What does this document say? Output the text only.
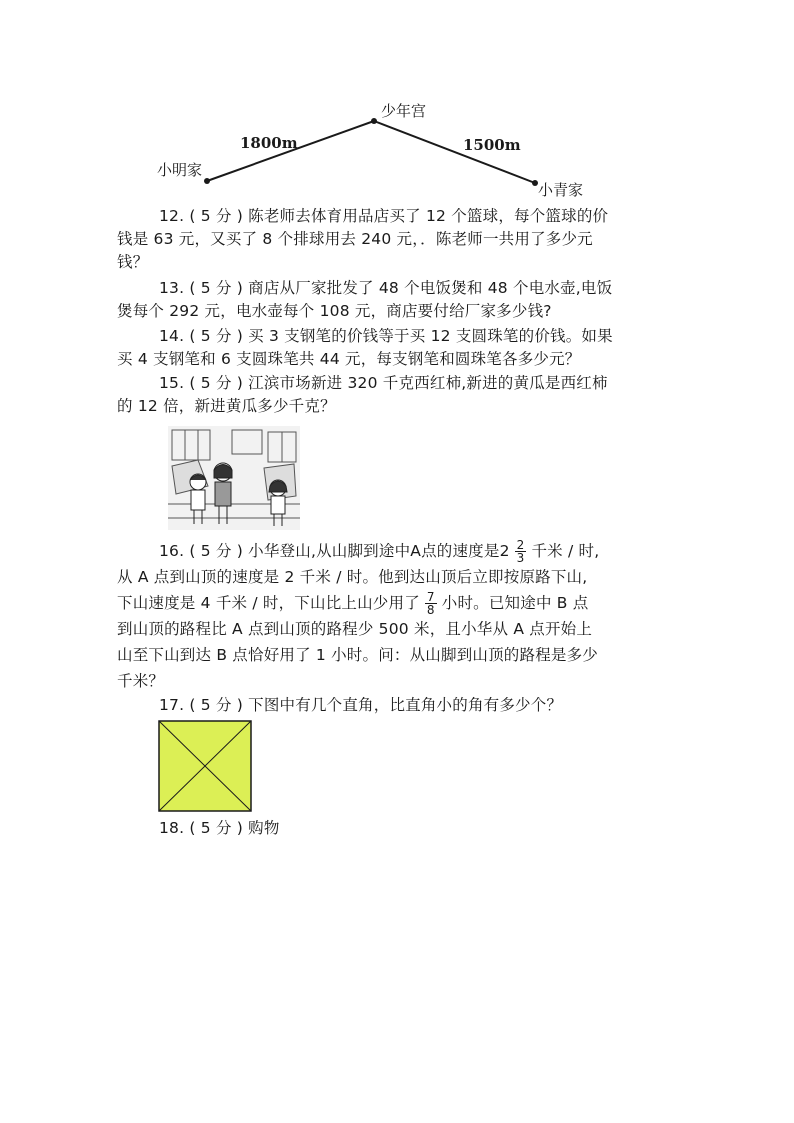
少年宫
小明家
小青家
1800m	1500m

12. ( 5 分 ) 陈老师去体育用品店买了 12 个篮球，每个篮球的价

钱是 63 元，又买了 8 个排球用去 240 元，．陈老师一共用了多少元

钱？

13. ( 5 分 ) 商店从厂家批发了 48 个电饭煲和 48 个电水壶,电饭

煲每个 292 元，电水壶每个 108 元，商店要付给厂家多少钱?

14. ( 5 分 ) 买 3 支钢笔的价钱等于买 12 支圆珠笔的价钱。如果

买 4 支钢笔和 6 支圆珠笔共 44 元，每支钢笔和圆珠笔各多少元？

15. ( 5 分 ) 江滨市场新进 320 千克西红柿,新进的黄瓜是西红柿

的 12 倍，新进黄瓜多少千克？

16. ( 5 分 ) 小华登山,从山脚到途中A点的速度是$2 \frac{2}{3}$ 千米 / 时,

从 A 点到山顶的速度是 2 千米 / 时。他到达山顶后立即按原路下山,

下山速度是 4 千米 / 时，下山比上山少用了 $\frac{7}{8}$ 小时。已知途中 B 点

到山顶的路程比 A 点到山顶的路程少 500 米，且小华从 A 点开始上

山至下山到达 B 点恰好用了 1 小时。问：从山脚到山顶的路程是多少

千米？

17. ( 5 分 ) 下图中有几个直角，比直角小的角有多少个？

18. ( 5 分 ) 购物
